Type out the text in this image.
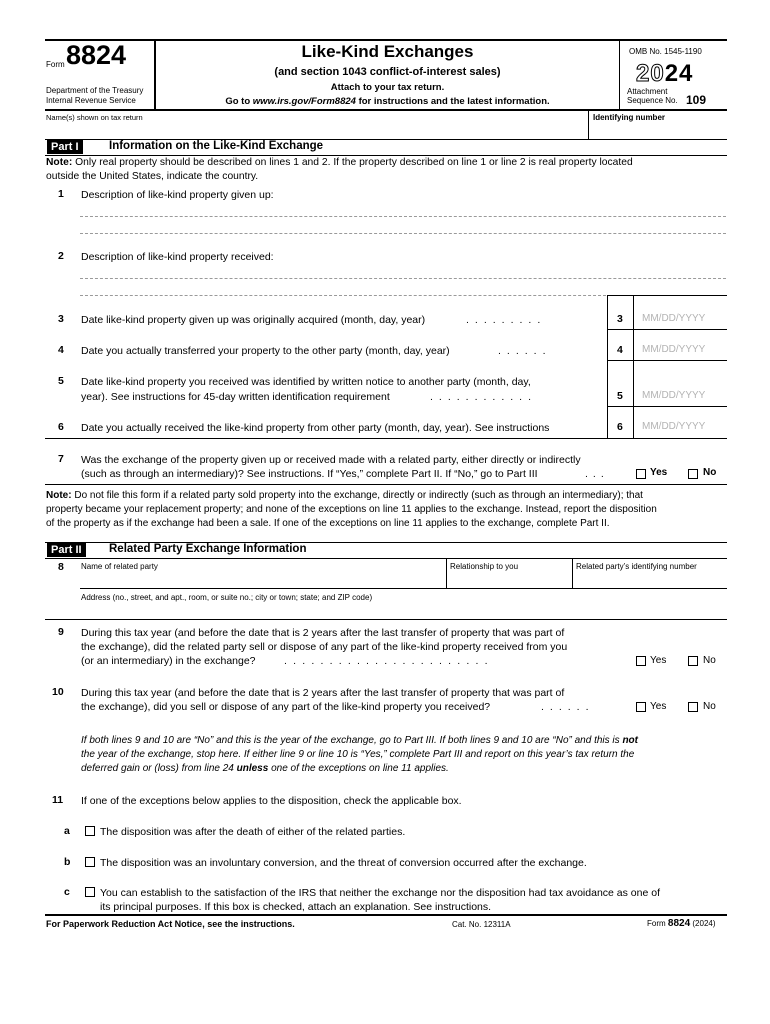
Form 8824
Department of the Treasury
Internal Revenue Service
Like-Kind Exchanges
(and section 1043 conflict-of-interest sales)
Attach to your tax return.
Go to www.irs.gov/Form8824 for instructions and the latest information.
OMB No. 1545-1190
2024
Attachment
Sequence No. 109
Name(s) shown on tax return	Identifying number
Part I	Information on the Like-Kind Exchange
Note: Only real property should be described on lines 1 and 2. If the property described on line 1 or line 2 is real property located
outside the United States, indicate the country.
1 Description of like-kind property given up:
2 Description of like-kind property received:
3 Date like-kind property given up was originally acquired (month, day, year)	.........	3 MM/DD/YYYY
4 Date you actually transferred your property to the other party (month, day, year)	......	4 MM/DD/YYYY
5 Date like-kind property you received was identified by written notice to another party (month, day,
year). See instructions for 45-day written identification requirement	............	5 MM/DD/YYYY
6 Date you actually received the like-kind property from other party (month, day, year). See instructions	6 MM/DD/YYYY
7 Was the exchange of the property given up or received made with a related party, either directly or indirectly
(such as through an intermediary)? See instructions. If “Yes,” complete Part II. If “No,” go to Part III	...	Yes	No
Note: Do not file this form if a related party sold property into the exchange, directly or indirectly (such as through an intermediary); that
property became your replacement property; and none of the exceptions on line 11 applies to the exchange. Instead, report the disposition
of the property as if the exchange had been a sale. If one of the exceptions on line 11 applies to the exchange, complete Part II.
Part II	Related Party Exchange Information
8 Name of related party	Relationship to you	Related party’s identifying number
Address (no., street, and apt., room, or suite no.; city or town; state; and ZIP code)
9 During this tax year (and before the date that is 2 years after the last transfer of property that was part of
the exchange), did the related party sell or dispose of any part of the like-kind property received from you
(or an intermediary) in the exchange?	.......................	Yes	No
10 During this tax year (and before the date that is 2 years after the last transfer of property that was part of
the exchange), did you sell or dispose of any part of the like-kind property you received?	......	Yes	No
If both lines 9 and 10 are “No” and this is the year of the exchange, go to Part III. If both lines 9 and 10 are “No” and this is not
the year of the exchange, stop here. If either line 9 or line 10 is “Yes,” complete Part III and report on this year’s tax return the
deferred gain or (loss) from line 24 unless one of the exceptions on line 11 applies.
11 If one of the exceptions below applies to the disposition, check the applicable box.
a	The disposition was after the death of either of the related parties.
b	The disposition was an involuntary conversion, and the threat of conversion occurred after the exchange.
c	You can establish to the satisfaction of the IRS that neither the exchange nor the disposition had tax avoidance as one of
its principal purposes. If this box is checked, attach an explanation. See instructions.
For Paperwork Reduction Act Notice, see the instructions.	Cat. No. 12311A	Form 8824 (2024)
